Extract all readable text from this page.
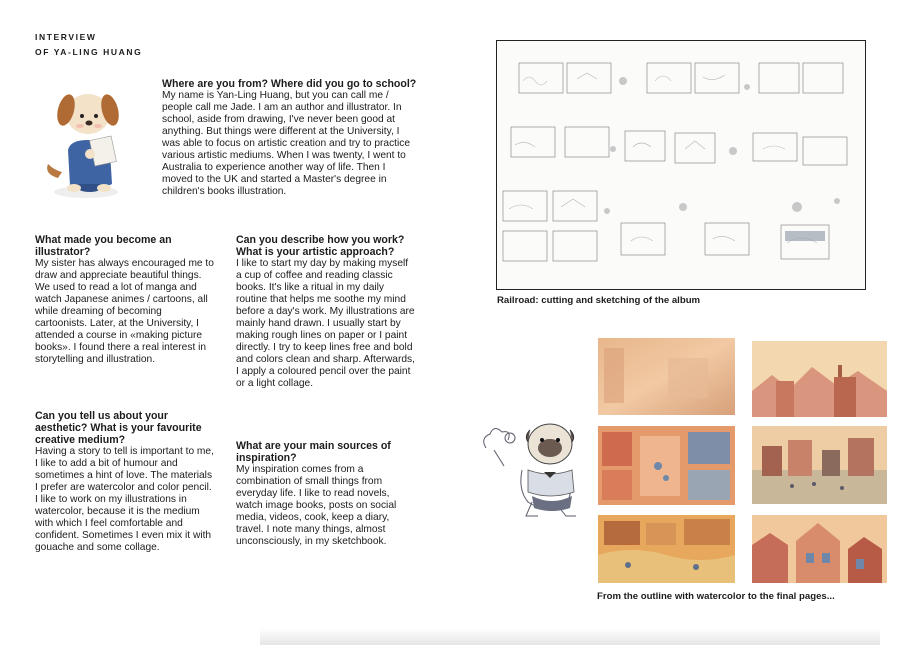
INTERVIEW
OF YA-LING HUANG

Where are you from? Where did you go to school?

My name is Yan-Ling Huang, but you can call me / people call me Jade. I am an author and illustrator. In school, aside from drawing, I've never been good at anything. But things were different at the University, I was able to focus on artistic creation and try to practice various artistic mediums. When I was twenty, I went to Australia to experience another way of life. Then I moved to the UK and started a Master's degree in children's books illustration.

What made you become an illustrator?

My sister has always encouraged me to draw and appreciate beautiful things. We used to read a lot of manga and watch Japanese animes / cartoons, all while dreaming of becoming cartoonists. Later, at the University, I attended a course in «making picture books». I found there a real interest in storytelling and illustration.

Can you describe how you work? What is your artistic approach?

I like to start my day by making myself a cup of coffee and reading classic books. It's like a ritual in my daily routine that helps me soothe my mind before a day's work. My illustrations are mainly hand drawn. I usually start by making rough lines on paper or I paint directly. I try to keep lines free and bold and colors clean and sharp. Afterwards, I apply a coloured pencil over the paint or a light collage.

Can you tell us about your aesthetic? What is your favourite creative medium?

Having a story to tell is important to me, I like to add a bit of humour and sometimes a hint of love. The materials I prefer are watercolor and color pencil. I like to work on my illustrations in watercolor, because it is the medium with which I feel comfortable and confident. Sometimes I even mix it with gouache and some collage.

What are your main sources of inspiration?

My inspiration comes from a combination of small things from everyday life. I like to read novels, watch image books, posts on social media, videos, cook, keep a diary, travel. I note many things, almost unconsciously, in my sketchbook.

Railroad: cutting and sketching of the album
From the outline with watercolor to the final pages...
